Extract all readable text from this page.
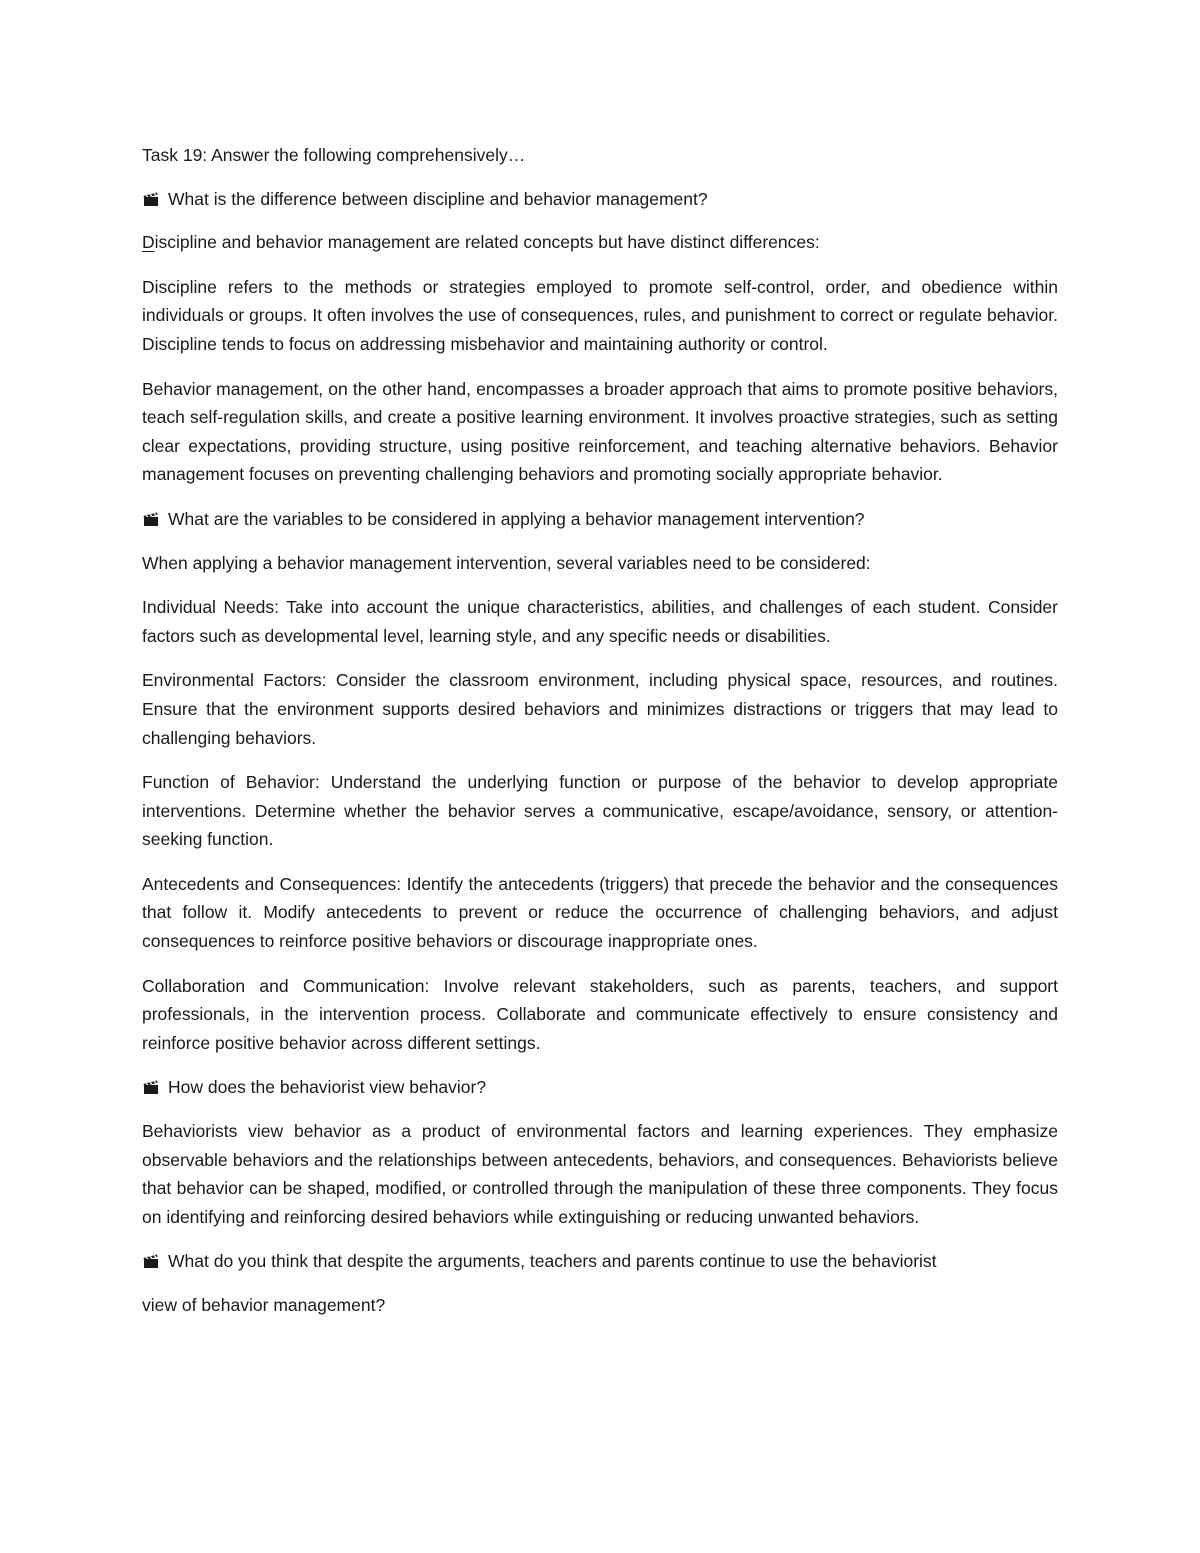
Task 19: Answer the following comprehensively…

What is the difference between discipline and behavior management?

Discipline and behavior management are related concepts but have distinct differences:

Discipline refers to the methods or strategies employed to promote self-control, order, and obedience within individuals or groups. It often involves the use of consequences, rules, and punishment to correct or regulate behavior. Discipline tends to focus on addressing misbehavior and maintaining authority or control.

Behavior management, on the other hand, encompasses a broader approach that aims to promote positive behaviors, teach self-regulation skills, and create a positive learning environment. It involves proactive strategies, such as setting clear expectations, providing structure, using positive reinforcement, and teaching alternative behaviors. Behavior management focuses on preventing challenging behaviors and promoting socially appropriate behavior.

What are the variables to be considered in applying a behavior management intervention?

When applying a behavior management intervention, several variables need to be considered:

Individual Needs: Take into account the unique characteristics, abilities, and challenges of each student. Consider factors such as developmental level, learning style, and any specific needs or disabilities.

Environmental Factors: Consider the classroom environment, including physical space, resources, and routines. Ensure that the environment supports desired behaviors and minimizes distractions or triggers that may lead to challenging behaviors.

Function of Behavior: Understand the underlying function or purpose of the behavior to develop appropriate interventions. Determine whether the behavior serves a communicative, escape/avoidance, sensory, or attention-seeking function.

Antecedents and Consequences: Identify the antecedents (triggers) that precede the behavior and the consequences that follow it. Modify antecedents to prevent or reduce the occurrence of challenging behaviors, and adjust consequences to reinforce positive behaviors or discourage inappropriate ones.

Collaboration and Communication: Involve relevant stakeholders, such as parents, teachers, and support professionals, in the intervention process. Collaborate and communicate effectively to ensure consistency and reinforce positive behavior across different settings.

How does the behaviorist view behavior?

Behaviorists view behavior as a product of environmental factors and learning experiences. They emphasize observable behaviors and the relationships between antecedents, behaviors, and consequences. Behaviorists believe that behavior can be shaped, modified, or controlled through the manipulation of these three components. They focus on identifying and reinforcing desired behaviors while extinguishing or reducing unwanted behaviors.

What do you think that despite the arguments, teachers and parents continue to use the behaviorist

view of behavior management?
